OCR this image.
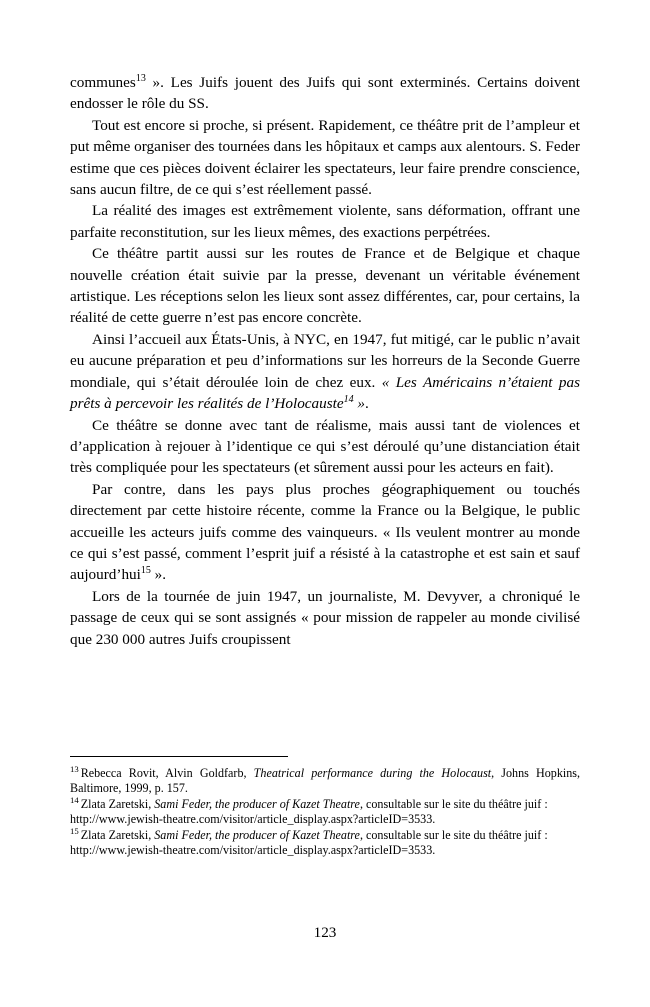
communes$^{13}$ ». Les Juifs jouent des Juifs qui sont exterminés. Certains doivent endosser le rôle du SS.

Tout est encore si proche, si présent. Rapidement, ce théâtre prit de l’ampleur et put même organiser des tournées dans les hôpitaux et camps aux alentours. S. Feder estime que ces pièces doivent éclairer les spectateurs, leur faire prendre conscience, sans aucun filtre, de ce qui s’est réellement passé.

La réalité des images est extrêmement violente, sans déformation, offrant une parfaite reconstitution, sur les lieux mêmes, des exactions perpétrées.

Ce théâtre partit aussi sur les routes de France et de Belgique et chaque nouvelle création était suivie par la presse, devenant un véritable événement artistique. Les réceptions selon les lieux sont assez différentes, car, pour certains, la réalité de cette guerre n’est pas encore concrète.

Ainsi l’accueil aux États-Unis, à NYC, en 1947, fut mitigé, car le public n’avait eu aucune préparation et peu d’informations sur les horreurs de la Seconde Guerre mondiale, qui s’était déroulée loin de chez eux. « Les Américains n’étaient pas prêts à percevoir les réalités de l’Holocauste$^{14}$ ».

Ce théâtre se donne avec tant de réalisme, mais aussi tant de violences et d’application à rejouer à l’identique ce qui s’est déroulé qu’une distanciation était très compliquée pour les spectateurs (et sûrement aussi pour les acteurs en fait).

Par contre, dans les pays plus proches géographiquement ou touchés directement par cette histoire récente, comme la France ou la Belgique, le public accueille les acteurs juifs comme des vainqueurs. « Ils veulent montrer au monde ce qui s’est passé, comment l’esprit juif a résisté à la catastrophe et est sain et sauf aujourd’hui$^{15}$ ».

Lors de la tournée de juin 1947, un journaliste, M. Devyver, a chroniqué le passage de ceux qui se sont assignés « pour mission de rappeler au monde civilisé que 230 000 autres Juifs croupissent

$^{13}$ Rebecca Rovit, Alvin Goldfarb, Theatrical performance during the Holocaust, Johns Hopkins, Baltimore, 1999, p. 157.

$^{14}$ Zlata Zaretski, Sami Feder, the producer of Kazet Theatre, consultable sur le site du théâtre juif :

http://www.jewish-theatre.com/visitor/article_display.aspx?articleID=3533.

$^{15}$ Zlata Zaretski, Sami Feder, the producer of Kazet Theatre, consultable sur le site du théâtre juif :

http://www.jewish-theatre.com/visitor/article_display.aspx?articleID=3533.

123
